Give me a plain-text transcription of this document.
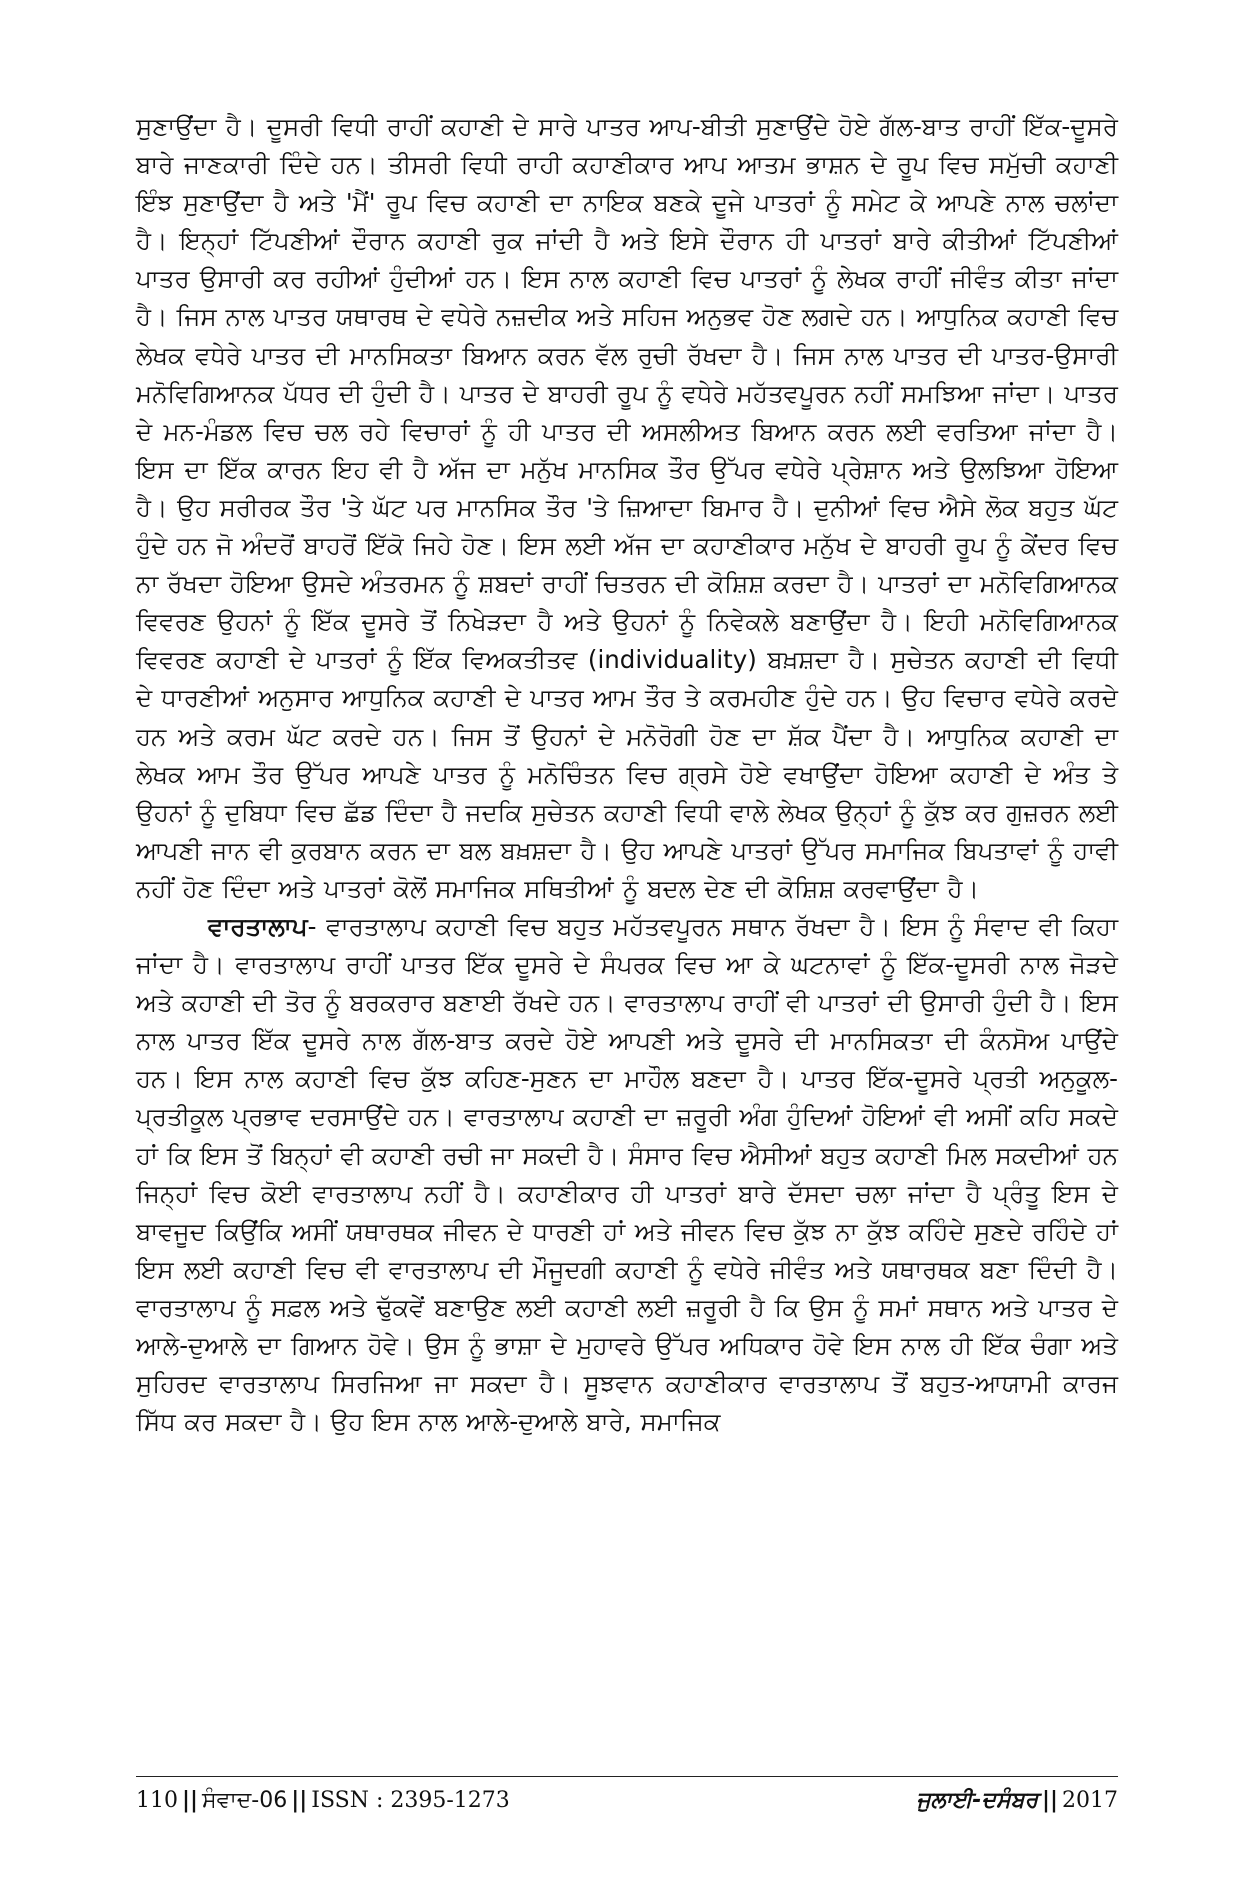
ਸੁਣਾਉਂਦਾ ਹੈ। ਦੂਸਰੀ ਵਿਧੀ ਰਾਹੀਂ ਕਹਾਣੀ ਦੇ ਸਾਰੇ ਪਾਤਰ ਆਪ-ਬੀਤੀ ਸੁਣਾਉਂਦੇ ਹੋਏ ਗੱਲ-ਬਾਤ ਰਾਹੀਂ ਇੱਕ-ਦੂਸਰੇ ਬਾਰੇ ਜਾਣਕਾਰੀ ਦਿੰਦੇ ਹਨ। ਤੀਸਰੀ ਵਿਧੀ ਰਾਹੀ ਕਹਾਣੀਕਾਰ ਆਪ ਆਤਮ ਭਾਸ਼ਨ ਦੇ ਰੂਪ ਵਿਚ ਸਮੁੱਚੀ ਕਹਾਣੀ ਇੰਝ ਸੁਣਾਉਂਦਾ ਹੈ ਅਤੇ 'ਮੈਂ' ਰੂਪ ਵਿਚ ਕਹਾਣੀ ਦਾ ਨਾਇਕ ਬਣਕੇ ਦੂਜੇ ਪਾਤਰਾਂ ਨੂੰ ਸਮੇਟ ਕੇ ਆਪਣੇ ਨਾਲ ਚਲਾਂਦਾ ਹੈ। ਇਨ੍ਹਾਂ ਟਿੱਪਣੀਆਂ ਦੌਰਾਨ ਕਹਾਣੀ ਰੁਕ ਜਾਂਦੀ ਹੈ ਅਤੇ ਇਸੇ ਦੌਰਾਨ ਹੀ ਪਾਤਰਾਂ ਬਾਰੇ ਕੀਤੀਆਂ ਟਿੱਪਣੀਆਂ ਪਾਤਰ ਉਸਾਰੀ ਕਰ ਰਹੀਆਂ ਹੁੰਦੀਆਂ ਹਨ। ਇਸ ਨਾਲ ਕਹਾਣੀ ਵਿਚ ਪਾਤਰਾਂ ਨੂੰ ਲੇਖਕ ਰਾਹੀਂ ਜੀਵੰਤ ਕੀਤਾ ਜਾਂਦਾ ਹੈ। ਜਿਸ ਨਾਲ ਪਾਤਰ ਯਥਾਰਥ ਦੇ ਵਧੇਰੇ ਨਜ਼ਦੀਕ ਅਤੇ ਸਹਿਜ ਅਨੁਭਵ ਹੋਣ ਲਗਦੇ ਹਨ। ਆਧੁਨਿਕ ਕਹਾਣੀ ਵਿਚ ਲੇਖਕ ਵਧੇਰੇ ਪਾਤਰ ਦੀ ਮਾਨਸਿਕਤਾ ਬਿਆਨ ਕਰਨ ਵੱਲ ਰੁਚੀ ਰੱਖਦਾ ਹੈ। ਜਿਸ ਨਾਲ ਪਾਤਰ ਦੀ ਪਾਤਰ-ਉਸਾਰੀ ਮਨੋਵਿਗਿਆਨਕ ਪੱਧਰ ਦੀ ਹੁੰਦੀ ਹੈ। ਪਾਤਰ ਦੇ ਬਾਹਰੀ ਰੂਪ ਨੂੰ ਵਧੇਰੇ ਮਹੱਤਵਪੂਰਨ ਨਹੀਂ ਸਮਝਿਆ ਜਾਂਦਾ। ਪਾਤਰ ਦੇ ਮਨ-ਮੰਡਲ ਵਿਚ ਚਲ ਰਹੇ ਵਿਚਾਰਾਂ ਨੂੰ ਹੀ ਪਾਤਰ ਦੀ ਅਸਲੀਅਤ ਬਿਆਨ ਕਰਨ ਲਈ ਵਰਤਿਆ ਜਾਂਦਾ ਹੈ। ਇਸ ਦਾ ਇੱਕ ਕਾਰਨ ਇਹ ਵੀ ਹੈ ਅੱਜ ਦਾ ਮਨੁੱਖ ਮਾਨਸਿਕ ਤੌਰ ਉੱਪਰ ਵਧੇਰੇ ਪ੍ਰੇਸ਼ਾਨ ਅਤੇ ਉਲਝਿਆ ਹੋਇਆ ਹੈ। ਉਹ ਸਰੀਰਕ ਤੌਰ 'ਤੇ ਘੱਟ ਪਰ ਮਾਨਸਿਕ ਤੌਰ 'ਤੇ ਜ਼ਿਆਦਾ ਬਿਮਾਰ ਹੈ। ਦੁਨੀਆਂ ਵਿਚ ਐਸੇ ਲੋਕ ਬਹੁਤ ਘੱਟ ਹੁੰਦੇ ਹਨ ਜੋ ਅੰਦਰੋਂ ਬਾਹਰੋਂ ਇੱਕੋ ਜਿਹੇ ਹੋਣ। ਇਸ ਲਈ ਅੱਜ ਦਾ ਕਹਾਣੀਕਾਰ ਮਨੁੱਖ ਦੇ ਬਾਹਰੀ ਰੂਪ ਨੂੰ ਕੇਂਦਰ ਵਿਚ ਨਾ ਰੱਖਦਾ ਹੋਇਆ ਉਸਦੇ ਅੰਤਰਮਨ ਨੂੰ ਸ਼ਬਦਾਂ ਰਾਹੀਂ ਚਿਤਰਨ ਦੀ ਕੋਸ਼ਿਸ਼ ਕਰਦਾ ਹੈ। ਪਾਤਰਾਂ ਦਾ ਮਨੋਵਿਗਿਆਨਕ ਵਿਵਰਣ ਉਹਨਾਂ ਨੂੰ ਇੱਕ ਦੂਸਰੇ ਤੋਂ ਨਿਖੇੜਦਾ ਹੈ ਅਤੇ ਉਹਨਾਂ ਨੂੰ ਨਿਵੇਕਲੇ ਬਣਾਉਂਦਾ ਹੈ। ਇਹੀ ਮਨੋਵਿਗਿਆਨਕ ਵਿਵਰਣ ਕਹਾਣੀ ਦੇ ਪਾਤਰਾਂ ਨੂੰ ਇੱਕ ਵਿਅਕਤੀਤਵ (individuality) ਬਖ਼ਸ਼ਦਾ ਹੈ। ਸੁਚੇਤਨ ਕਹਾਣੀ ਦੀ ਵਿਧੀ ਦੇ ਧਾਰਣੀਆਂ ਅਨੁਸਾਰ ਆਧੁਨਿਕ ਕਹਾਣੀ ਦੇ ਪਾਤਰ ਆਮ ਤੌਰ ਤੇ ਕਰਮਹੀਣ ਹੁੰਦੇ ਹਨ। ਉਹ ਵਿਚਾਰ ਵਧੇਰੇ ਕਰਦੇ ਹਨ ਅਤੇ ਕਰਮ ਘੱਟ ਕਰਦੇ ਹਨ। ਜਿਸ ਤੋਂ ਉਹਨਾਂ ਦੇ ਮਨੋਰੋਗੀ ਹੋਣ ਦਾ ਸ਼ੱਕ ਪੈਂਦਾ ਹੈ। ਆਧੁਨਿਕ ਕਹਾਣੀ ਦਾ ਲੇਖਕ ਆਮ ਤੌਰ ਉੱਪਰ ਆਪਣੇ ਪਾਤਰ ਨੂੰ ਮਨੋਚਿੰਤਨ ਵਿਚ ਗ੍ਰਸੇ ਹੋਏ ਵਖਾਉਂਦਾ ਹੋਇਆ ਕਹਾਣੀ ਦੇ ਅੰਤ ਤੇ ਉਹਨਾਂ ਨੂੰ ਦੁਬਿਧਾ ਵਿਚ ਛੱਡ ਦਿੰਦਾ ਹੈ ਜਦਕਿ ਸੁਚੇਤਨ ਕਹਾਣੀ ਵਿਧੀ ਵਾਲੇ ਲੇਖਕ ਉਨ੍ਹਾਂ ਨੂੰ ਕੁੱਝ ਕਰ ਗੁਜ਼ਰਨ ਲਈ ਆਪਣੀ ਜਾਨ ਵੀ ਕੁਰਬਾਨ ਕਰਨ ਦਾ ਬਲ ਬਖ਼ਸ਼ਦਾ ਹੈ। ਉਹ ਆਪਣੇ ਪਾਤਰਾਂ ਉੱਪਰ ਸਮਾਜਿਕ ਬਿਪਤਾਵਾਂ ਨੂੰ ਹਾਵੀ ਨਹੀਂ ਹੋਣ ਦਿੰਦਾ ਅਤੇ ਪਾਤਰਾਂ ਕੋਲੋਂ ਸਮਾਜਿਕ ਸਥਿਤੀਆਂ ਨੂੰ ਬਦਲ ਦੇਣ ਦੀ ਕੋਸ਼ਿਸ਼ ਕਰਵਾਉਂਦਾ ਹੈ।

ਵਾਰਤਾਲਾਪ- ਵਾਰਤਾਲਾਪ ਕਹਾਣੀ ਵਿਚ ਬਹੁਤ ਮਹੱਤਵਪੂਰਨ ਸਥਾਨ ਰੱਖਦਾ ਹੈ। ਇਸ ਨੂੰ ਸੰਵਾਦ ਵੀ ਕਿਹਾ ਜਾਂਦਾ ਹੈ। ਵਾਰਤਾਲਾਪ ਰਾਹੀਂ ਪਾਤਰ ਇੱਕ ਦੂਸਰੇ ਦੇ ਸੰਪਰਕ ਵਿਚ ਆ ਕੇ ਘਟਨਾਵਾਂ ਨੂੰ ਇੱਕ-ਦੂਸਰੀ ਨਾਲ ਜੋੜਦੇ ਅਤੇ ਕਹਾਣੀ ਦੀ ਤੋਰ ਨੂੰ ਬਰਕਰਾਰ ਬਣਾਈ ਰੱਖਦੇ ਹਨ। ਵਾਰਤਾਲਾਪ ਰਾਹੀਂ ਵੀ ਪਾਤਰਾਂ ਦੀ ਉਸਾਰੀ ਹੁੰਦੀ ਹੈ। ਇਸ ਨਾਲ ਪਾਤਰ ਇੱਕ ਦੂਸਰੇ ਨਾਲ ਗੱਲ-ਬਾਤ ਕਰਦੇ ਹੋਏ ਆਪਣੀ ਅਤੇ ਦੂਸਰੇ ਦੀ ਮਾਨਸਿਕਤਾ ਦੀ ਕੰਨਸੋਅ ਪਾਉਂਦੇ ਹਨ। ਇਸ ਨਾਲ ਕਹਾਣੀ ਵਿਚ ਕੁੱਝ ਕਹਿਣ-ਸੁਣਨ ਦਾ ਮਾਹੌਲ ਬਣਦਾ ਹੈ। ਪਾਤਰ ਇੱਕ-ਦੂਸਰੇ ਪ੍ਰਤੀ ਅਨੁਕੂਲ-ਪ੍ਰਤੀਕੂਲ ਪ੍ਰਭਾਵ ਦਰਸਾਉਂਦੇ ਹਨ। ਵਾਰਤਾਲਾਪ ਕਹਾਣੀ ਦਾ ਜ਼ਰੂਰੀ ਅੰਗ ਹੁੰਦਿਆਂ ਹੋਇਆਂ ਵੀ ਅਸੀਂ ਕਹਿ ਸਕਦੇ ਹਾਂ ਕਿ ਇਸ ਤੋਂ ਬਿਨ੍ਹਾਂ ਵੀ ਕਹਾਣੀ ਰਚੀ ਜਾ ਸਕਦੀ ਹੈ। ਸੰਸਾਰ ਵਿਚ ਐਸੀਆਂ ਬਹੁਤ ਕਹਾਣੀ ਮਿਲ ਸਕਦੀਆਂ ਹਨ ਜਿਨ੍ਹਾਂ ਵਿਚ ਕੋਈ ਵਾਰਤਾਲਾਪ ਨਹੀਂ ਹੈ। ਕਹਾਣੀਕਾਰ ਹੀ ਪਾਤਰਾਂ ਬਾਰੇ ਦੱਸਦਾ ਚਲਾ ਜਾਂਦਾ ਹੈ ਪ੍ਰੰਤੂ ਇਸ ਦੇ ਬਾਵਜੂਦ ਕਿਉਂਕਿ ਅਸੀਂ ਯਥਾਰਥਕ ਜੀਵਨ ਦੇ ਧਾਰਣੀ ਹਾਂ ਅਤੇ ਜੀਵਨ ਵਿਚ ਕੁੱਝ ਨਾ ਕੁੱਝ ਕਹਿੰਦੇ ਸੁਣਦੇ ਰਹਿੰਦੇ ਹਾਂ ਇਸ ਲਈ ਕਹਾਣੀ ਵਿਚ ਵੀ ਵਾਰਤਾਲਾਪ ਦੀ ਮੌਜੂਦਗੀ ਕਹਾਣੀ ਨੂੰ ਵਧੇਰੇ ਜੀਵੰਤ ਅਤੇ ਯਥਾਰਥਕ ਬਣਾ ਦਿੰਦੀ ਹੈ। ਵਾਰਤਾਲਾਪ ਨੂੰ ਸਫ਼ਲ ਅਤੇ ਢੁੱਕਵੇਂ ਬਣਾਉਣ ਲਈ ਕਹਾਣੀ ਲਈ ਜ਼ਰੂਰੀ ਹੈ ਕਿ ਉਸ ਨੂੰ ਸਮਾਂ ਸਥਾਨ ਅਤੇ ਪਾਤਰ ਦੇ ਆਲੇ-ਦੁਆਲੇ ਦਾ ਗਿਆਨ ਹੋਵੇ। ਉਸ ਨੂੰ ਭਾਸ਼ਾ ਦੇ ਮੁਹਾਵਰੇ ਉੱਪਰ ਅਧਿਕਾਰ ਹੋਵੇ ਇਸ ਨਾਲ ਹੀ ਇੱਕ ਚੰਗਾ ਅਤੇ ਸੁਹਿਰਦ ਵਾਰਤਾਲਾਪ ਸਿਰਜਿਆ ਜਾ ਸਕਦਾ ਹੈ। ਸੂਝਵਾਨ ਕਹਾਣੀਕਾਰ ਵਾਰਤਾਲਾਪ ਤੋਂ ਬਹੁਤ-ਆਯਾਮੀ ਕਾਰਜ ਸਿੱਧ ਕਰ ਸਕਦਾ ਹੈ। ਉਹ ਇਸ ਨਾਲ ਆਲੇ-ਦੁਆਲੇ ਬਾਰੇ, ਸਮਾਜਿਕ

110 || ਸੰਵਾਦ-06 || ISSN : 2395-1273	ਜੁਲਾਈ-ਦਸੰਬਰ || 2017
